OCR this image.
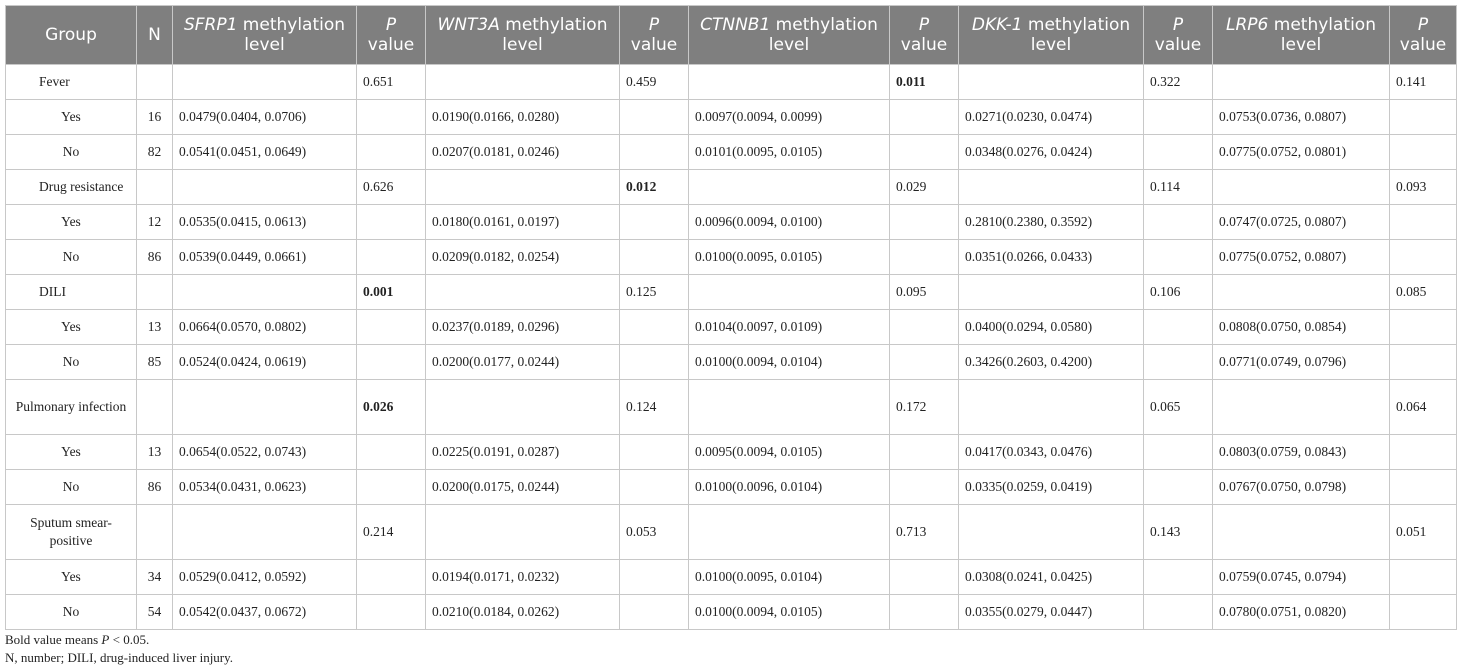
Group	N	SFRP1 methylation level	P value	WNT3A methylation level	P value	CTNNB1 methylation level	P value	DKK-1 methylation level	P value	LRP6 methylation level	P value
Fever			0.651		0.459		0.011		0.322		0.141
Yes	16	0.0479(0.0404, 0.0706)		0.0190(0.0166, 0.0280)		0.0097(0.0094, 0.0099)		0.0271(0.0230, 0.0474)		0.0753(0.0736, 0.0807)	
No	82	0.0541(0.0451, 0.0649)		0.0207(0.0181, 0.0246)		0.0101(0.0095, 0.0105)		0.0348(0.0276, 0.0424)		0.0775(0.0752, 0.0801)	
Drug resistance			0.626		0.012		0.029		0.114		0.093
Yes	12	0.0535(0.0415, 0.0613)		0.0180(0.0161, 0.0197)		0.0096(0.0094, 0.0100)		0.2810(0.2380, 0.3592)		0.0747(0.0725, 0.0807)	
No	86	0.0539(0.0449, 0.0661)		0.0209(0.0182, 0.0254)		0.0100(0.0095, 0.0105)		0.0351(0.0266, 0.0433)		0.0775(0.0752, 0.0807)	
DILI			0.001		0.125		0.095		0.106		0.085
Yes	13	0.0664(0.0570, 0.0802)		0.0237(0.0189, 0.0296)		0.0104(0.0097, 0.0109)		0.0400(0.0294, 0.0580)		0.0808(0.0750, 0.0854)	
No	85	0.0524(0.0424, 0.0619)		0.0200(0.0177, 0.0244)		0.0100(0.0094, 0.0104)		0.3426(0.2603, 0.4200)		0.0771(0.0749, 0.0796)	
Pulmonary infection			0.026		0.124		0.172		0.065		0.064
Yes	13	0.0654(0.0522, 0.0743)		0.0225(0.0191, 0.0287)		0.0095(0.0094, 0.0105)		0.0417(0.0343, 0.0476)		0.0803(0.0759, 0.0843)	
No	86	0.0534(0.0431, 0.0623)		0.0200(0.0175, 0.0244)		0.0100(0.0096, 0.0104)		0.0335(0.0259, 0.0419)		0.0767(0.0750, 0.0798)	
Sputum smear-positive			0.214		0.053		0.713		0.143		0.051
Yes	34	0.0529(0.0412, 0.0592)		0.0194(0.0171, 0.0232)		0.0100(0.0095, 0.0104)		0.0308(0.0241, 0.0425)		0.0759(0.0745, 0.0794)	
No	54	0.0542(0.0437, 0.0672)		0.0210(0.0184, 0.0262)		0.0100(0.0094, 0.0105)		0.0355(0.0279, 0.0447)		0.0780(0.0751, 0.0820)	
Bold value means P < 0.05.
N, number; DILI, drug-induced liver injury.
